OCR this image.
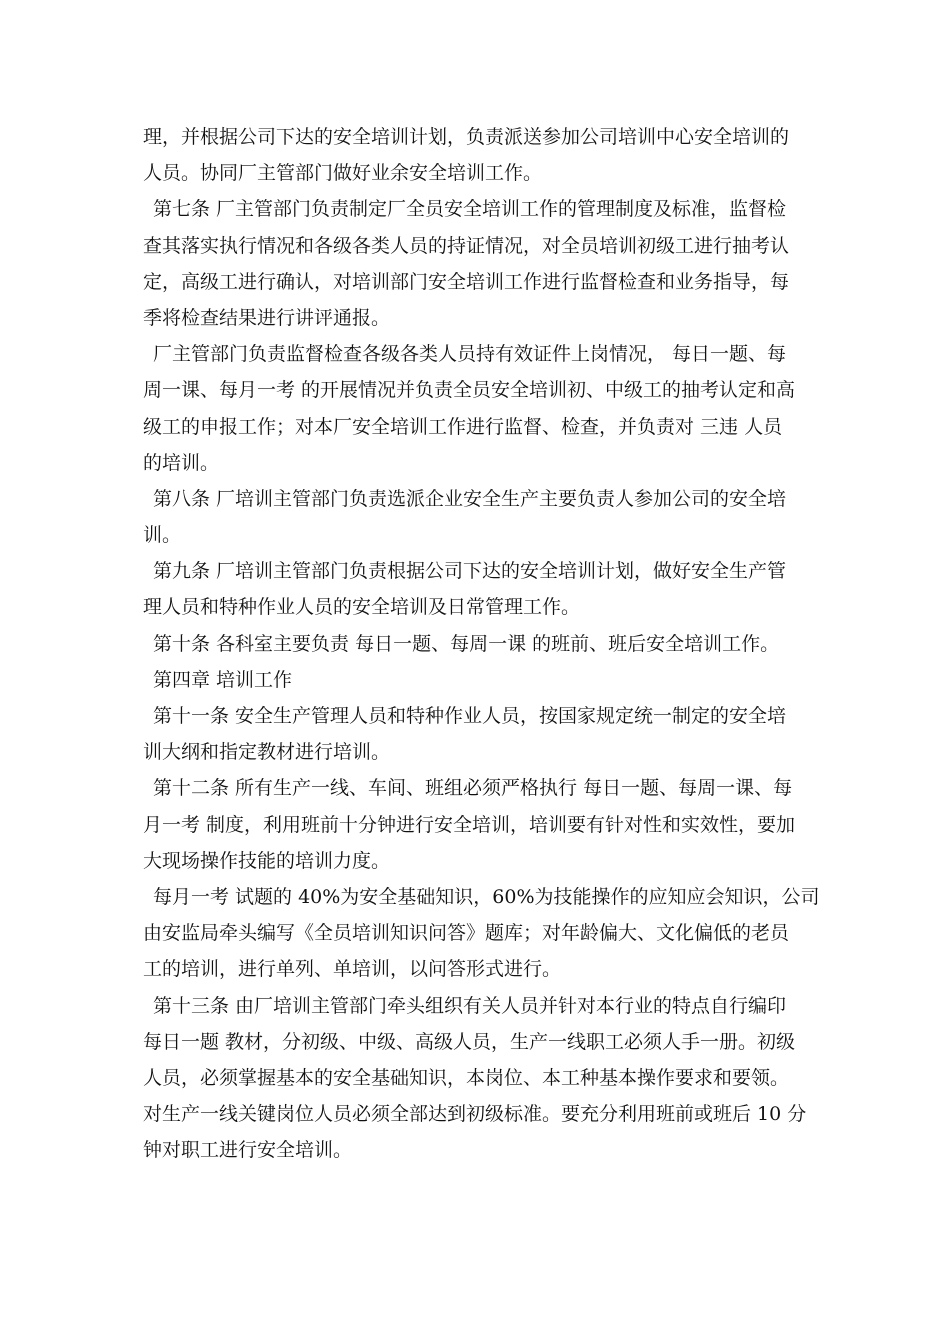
理，并根据公司下达的安全培训计划，负责派送参加公司培训中心安全培训的
人员。协同厂主管部门做好业余安全培训工作。
第七条 厂主管部门负责制定厂全员安全培训工作的管理制度及标准，监督检
查其落实执行情况和各级各类人员的持证情况，对全员培训初级工进行抽考认
定，高级工进行确认，对培训部门安全培训工作进行监督检查和业务指导，每
季将检查结果进行讲评通报。
厂主管部门负责监督检查各级各类人员持有效证件上岗情况， 每日一题、每
周一课、每月一考 的开展情况并负责全员安全培训初、中级工的抽考认定和高
级工的申报工作；对本厂安全培训工作进行监督、检查，并负责对 三违 人员
的培训。
第八条 厂培训主管部门负责选派企业安全生产主要负责人参加公司的安全培
训。
第九条 厂培训主管部门负责根据公司下达的安全培训计划，做好安全生产管
理人员和特种作业人员的安全培训及日常管理工作。
第十条 各科室主要负责 每日一题、每周一课 的班前、班后安全培训工作。
第四章 培训工作
第十一条 安全生产管理人员和特种作业人员，按国家规定统一制定的安全培
训大纲和指定教材进行培训。
第十二条 所有生产一线、车间、班组必须严格执行 每日一题、每周一课、每
月一考 制度，利用班前十分钟进行安全培训，培训要有针对性和实效性，要加
大现场操作技能的培训力度。
每月一考 试题的 40%为安全基础知识，60%为技能操作的应知应会知识，公司
由安监局牵头编写《全员培训知识问答》题库；对年龄偏大、文化偏低的老员
工的培训，进行单列、单培训，以问答形式进行。
第十三条 由厂培训主管部门牵头组织有关人员并针对本行业的特点自行编印
每日一题 教材，分初级、中级、高级人员，生产一线职工必须人手一册。初级
人员，必须掌握基本的安全基础知识，本岗位、本工种基本操作要求和要领。
对生产一线关键岗位人员必须全部达到初级标准。要充分利用班前或班后 10 分
钟对职工进行安全培训。
